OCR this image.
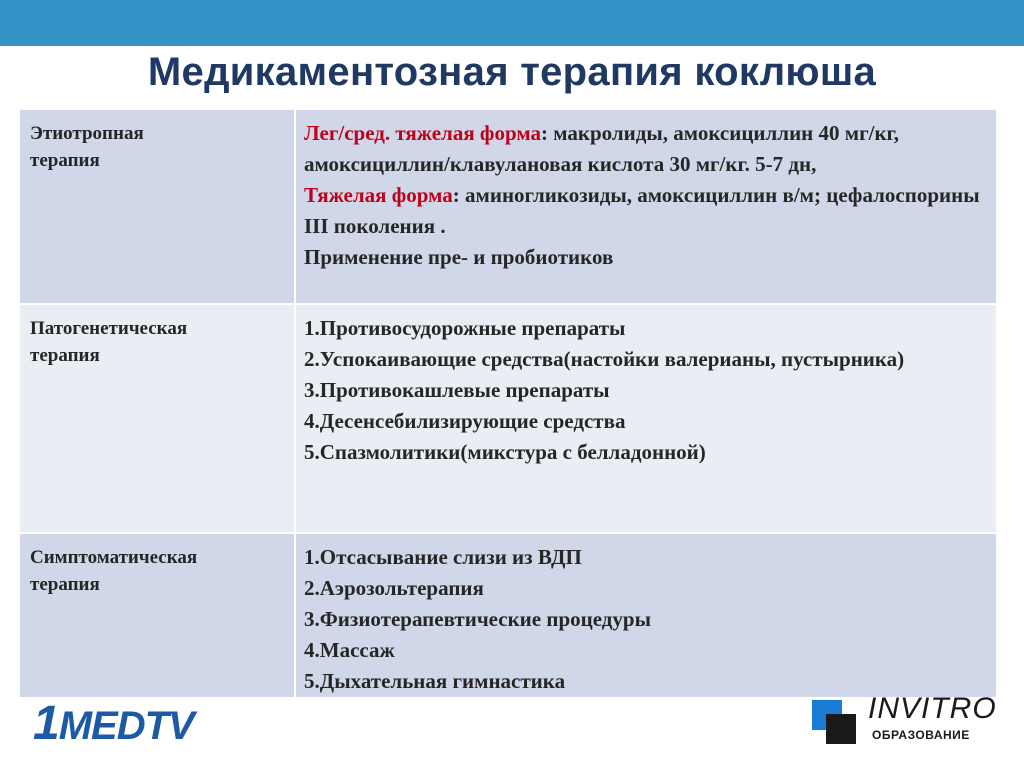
Медикаментозная терапия коклюша
Этиотропная
терапия	Лег/сред. тяжелая форма: макролиды, амоксициллин 40 мг/кг, амоксициллин/клавулановая кислота 30 мг/кг. 5-7 дн,
Тяжелая форма: аминогликозиды, амоксициллин в/м; цефалоспорины III поколения .
Применение пре- и пробиотиков

Патогенетическая
терапия	1.Противосудорожные препараты
2.Успокаивающие средства(настойки валерианы, пустырника)
3.Противокашлевые препараты
4.Десенсебилизирующие средства
5.Спазмолитики(микстура с белладонной)

Симптоматическая
терапия	1.Отсасывание слизи из ВДП
2.Аэрозольтерапия
3.Физиотерапевтические процедуры
4.Массаж
5.Дыхательная гимнастика
1MEDTV	INVITRO
ОБРАЗОВАНИЕ
